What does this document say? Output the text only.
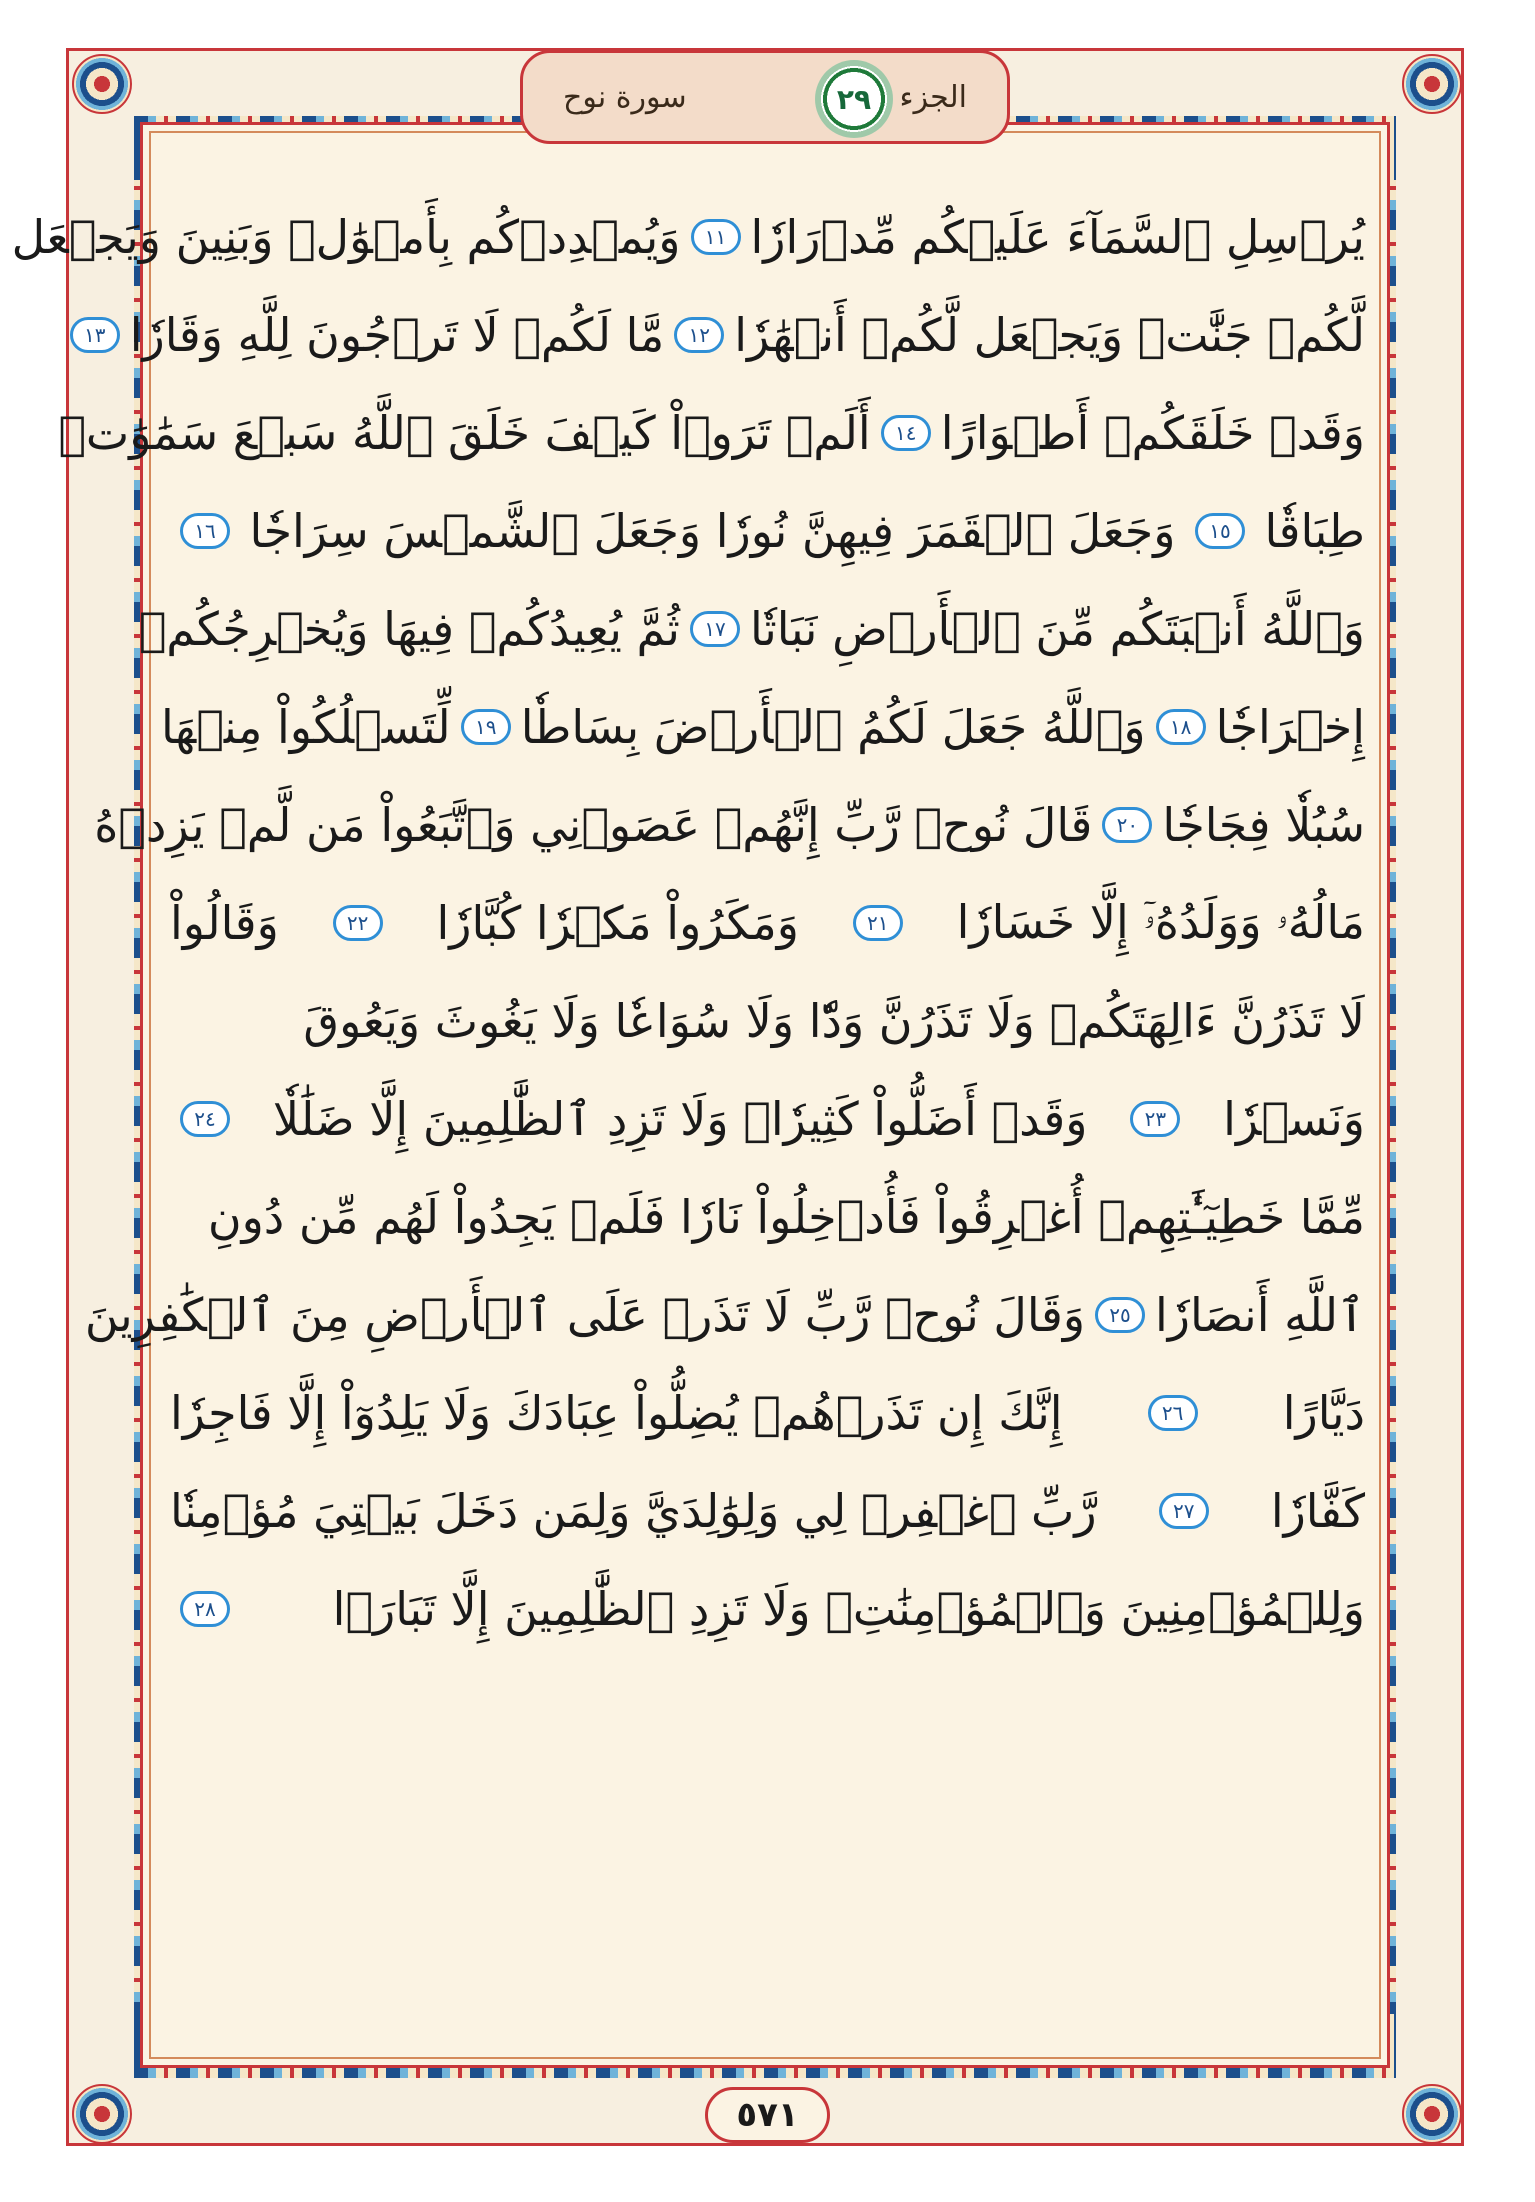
سورة نوح	الجزء
٢٩
يُرۡسِلِ ٱلسَّمَآءَ عَلَيۡكُم مِّدۡرَارٗا
١١
وَيُمۡدِدۡكُم بِأَمۡوَٰلٖ وَبَنِينَ وَيَجۡعَل
لَّكُمۡ جَنَّٰتٖ وَيَجۡعَل لَّكُمۡ أَنۡهَٰرٗا
١٢
مَّا لَكُمۡ لَا تَرۡجُونَ لِلَّهِ وَقَارٗا
١٣
وَقَدۡ خَلَقَكُمۡ أَطۡوَارًا
١٤
أَلَمۡ تَرَوۡاْ كَيۡفَ خَلَقَ ٱللَّهُ سَبۡعَ سَمَٰوَٰتٖ
طِبَاقٗا
١٥
وَجَعَلَ ٱلۡقَمَرَ فِيهِنَّ نُورٗا وَجَعَلَ ٱلشَّمۡسَ سِرَاجٗا
١٦
وَٱللَّهُ أَنۢبَتَكُم مِّنَ ٱلۡأَرۡضِ نَبَاتٗا
١٧
ثُمَّ يُعِيدُكُمۡ فِيهَا وَيُخۡرِجُكُمۡ
إِخۡرَاجٗا
١٨
وَٱللَّهُ جَعَلَ لَكُمُ ٱلۡأَرۡضَ بِسَاطٗا
١٩
لِّتَسۡلُكُواْ مِنۡهَا
سُبُلٗا فِجَاجٗا
٢٠
قَالَ نُوحٞ رَّبِّ إِنَّهُمۡ عَصَوۡنِي وَٱتَّبَعُواْ مَن لَّمۡ يَزِدۡهُ
مَالُهُۥ وَوَلَدُهُۥٓ إِلَّا خَسَارٗا
٢١
وَمَكَرُواْ مَكۡرٗا كُبَّارٗا
٢٢
وَقَالُواْ
لَا تَذَرُنَّ ءَالِهَتَكُمۡ وَلَا تَذَرُنَّ وَدّٗا وَلَا سُوَاعٗا وَلَا يَغُوثَ وَيَعُوقَ
وَنَسۡرٗا
٢٣
وَقَدۡ أَضَلُّواْ كَثِيرٗاۖ وَلَا تَزِدِ ٱلظَّٰلِمِينَ إِلَّا ضَلَٰلٗا
٢٤
مِّمَّا خَطِيٓـَٰٔتِهِمۡ أُغۡرِقُواْ فَأُدۡخِلُواْ نَارٗا فَلَمۡ يَجِدُواْ لَهُم مِّن دُونِ
ٱللَّهِ أَنصَارٗا
٢٥
وَقَالَ نُوحٞ رَّبِّ لَا تَذَرۡ عَلَى ٱلۡأَرۡضِ مِنَ ٱلۡكَٰفِرِينَ
دَيَّارًا
٢٦
إِنَّكَ إِن تَذَرۡهُمۡ يُضِلُّواْ عِبَادَكَ وَلَا يَلِدُوٓاْ إِلَّا فَاجِرٗا
كَفَّارٗا
٢٧
رَّبِّ ٱغۡفِرۡ لِي وَلِوَٰلِدَيَّ وَلِمَن دَخَلَ بَيۡتِيَ مُؤۡمِنٗا
وَلِلۡمُؤۡمِنِينَ وَٱلۡمُؤۡمِنَٰتِۖ وَلَا تَزِدِ ٱلظَّٰلِمِينَ إِلَّا تَبَارَۢا
٢٨
٥٧١
